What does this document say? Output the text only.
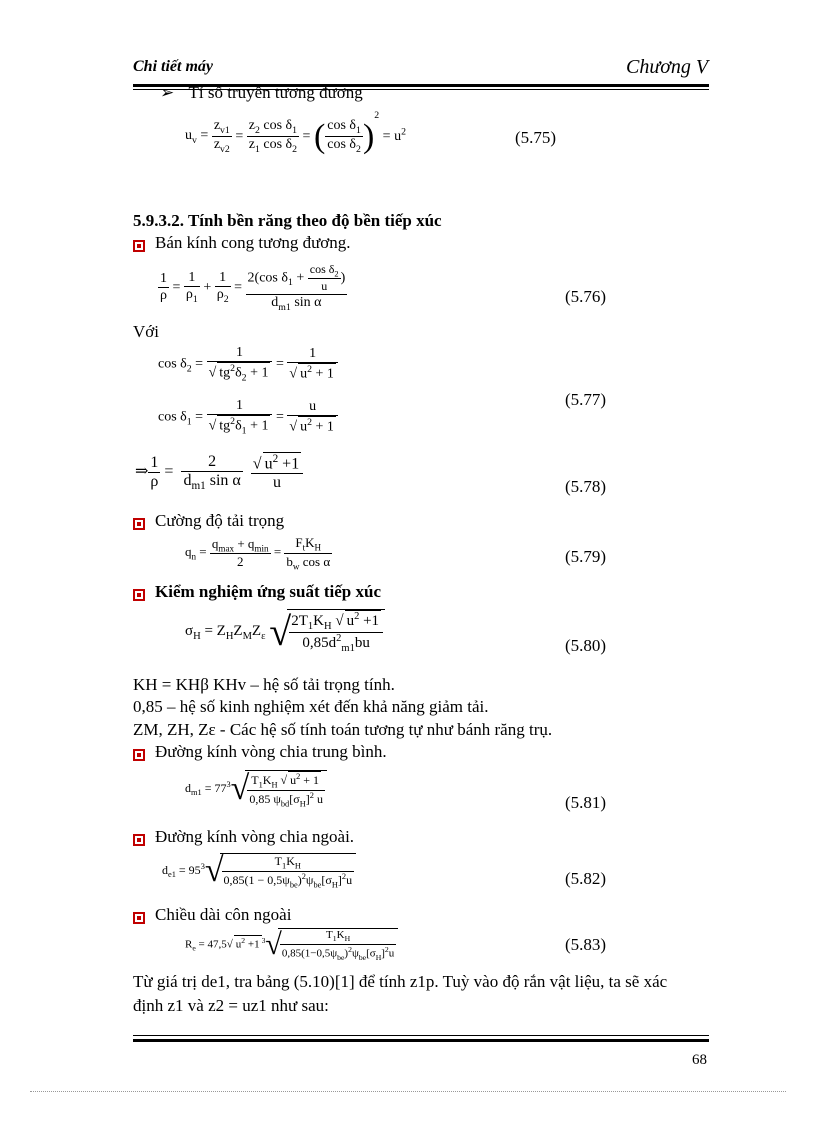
Chi tiết máy	Chương V
➢ Tỉ số truyền tương đương
$u_v = \frac{z_{v1}}{z_{v2}} = \frac{z_2 \cos \delta_1}{z_1 \cos \delta_2}$ = ( $\frac{\cos \delta_1}{\cos \delta_2} )^2 = u^2$	(5.75)
5.9.3.2. Tính bền răng theo độ bền tiếp xúc
Bán kính cong tương đương.
$\frac{1}{\rho} = \frac{1}{\rho_1} + \frac{1}{\rho_2} = \frac{2(\cos \delta_1 + \frac{\cos \delta_2}{u} )}{d_{m1} \sin \alpha}$	(5.76)
Với
$\cos \delta_2 = \frac{1}{√ tg^2\delta_2 + 1} = \frac{1}{√ u^2 + 1}$
$\cos \delta_1 = \frac{1}{√ tg^2\delta_1 + 1} = \frac{u}{√ u^2 + 1}$	(5.77)
⇒ $\frac{1}{\rho} = \frac{2}{d_{m1} \sin \alpha}$
$\frac{√ u^2 +1}{u}$	(5.78)
Cường độ tải trọng
$q_n = \frac{q_{max} + q_{min}}{2} = \frac{F_tK_H}{b_w \cos \alpha}$	(5.79)
Kiểm nghiệm ứng suất tiếp xúc
$\sigma_H = Z_HZ_MZ_\varepsilon$ √
$\frac{2T_1K_H √ u^2 +1}{0,85d^2_{m1}bu}$	(5.80)
KH = KHβ KHv – hệ số tải trọng tính.
0,85 – hệ số kinh nghiệm xét đến khả năng giảm tải.
ZM, ZH, Zε - Các hệ số tính toán tương tự như bánh răng trụ.
Đường kính vòng chia trung bình.
$d_{m1} = 77^3√$
$\frac{T_1K_H √ u^2 + 1}{0,85 \psi_{bd}[\sigma_H]^2 u}$	(5.81)
Đường kính vòng chia ngoài.
$d_{e1} = 95^3√$
$\frac{T_1K_H}{0,85(1 - 0,5\psi_{be})^2\psi_{be}[\sigma_H]^2u}$	(5.82)
Chiều dài côn ngoài
$R_e = 47,5√$ $u^2 +1$ $^3$√
$\frac{T_1K_H}{0,85(1-0,5\psi_{be})^2\psi_{be}[\sigma_H]^2u}$	(5.83)
Từ giá trị de1, tra bảng (5.10)[1] để tính z1p. Tuỳ vào độ rắn vật liệu, ta sẽ xác
định z1 và z2 = uz1 như sau:
68
